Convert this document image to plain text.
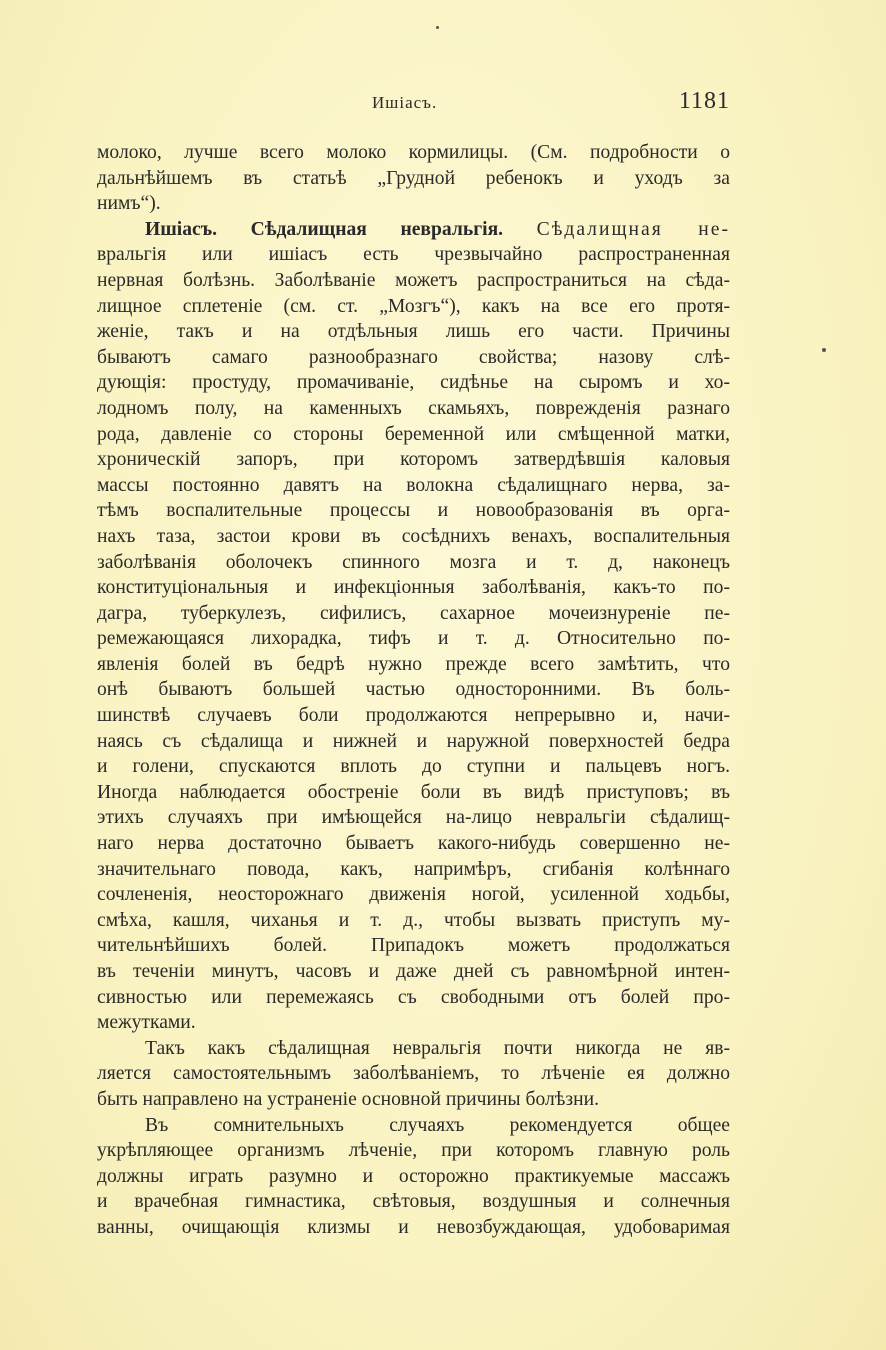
Ишіасъ.	1181
молоко, лучше всего молоко кормилицы. (См. подробности о
дальнѣйшемъ въ статьѣ „Грудной ребенокъ и уходъ за
нимъ“).
Ишіасъ. Сѣдалищная невральгія. Сѣдалищная не-
вральгія или ишіасъ есть чрезвычайно распространенная
нервная болѣзнь. Заболѣваніе можетъ распространиться на сѣда-
лищное сплетеніе (см. ст. „Мозгъ“), какъ на все его протя-
женіе, такъ и на отдѣльныя лишь его части. Причины
бываютъ самаго разнообразнаго свойства; назову слѣ-
дующія: простуду, промачиваніе, сидѣнье на сыромъ и хо-
лодномъ полу, на каменныхъ скамьяхъ, поврежденія разнаго
рода, давленіе со стороны беременной или смѣщенной матки,
хроническій запоръ, при которомъ затвердѣвшія каловыя
массы постоянно давятъ на волокна сѣдалищнаго нерва, за-
тѣмъ воспалительные процессы и новообразованія въ орга-
нахъ таза, застои крови въ сосѣднихъ венахъ, воспалительныя
заболѣванія оболочекъ спинного мозга и т. д, наконецъ
конституціональныя и инфекціонныя заболѣванія, какъ-то по-
дагра, туберкулезъ, сифилисъ, сахарное мочеизнуреніе пе-
ремежающаяся лихорадка, тифъ и т. д. Относительно по-
явленія болей въ бедрѣ нужно прежде всего замѣтить, что
онѣ бываютъ большей частью односторонними. Въ боль-
шинствѣ случаевъ боли продолжаются непрерывно и, начи-
наясь съ сѣдалища и нижней и наружной поверхностей бедра
и голени, спускаются вплоть до ступни и пальцевъ ногъ.
Иногда наблюдается обостреніе боли въ видѣ приступовъ; въ
этихъ случаяхъ при имѣющейся на-лицо невральгіи сѣдалищ-
наго нерва достаточно бываетъ какого-нибудь совершенно не-
значительнаго повода, какъ, напримѣръ, сгибанія колѣннаго
сочлененія, неосторожнаго движенія ногой, усиленной ходьбы,
смѣха, кашля, чиханья и т. д., чтобы вызвать приступъ му-
чительнѣйшихъ болей. Припадокъ можетъ продолжаться
въ теченіи минутъ, часовъ и даже дней съ равномѣрной интен-
сивностью или перемежаясь съ свободными отъ болей про-
межутками.
Такъ какъ сѣдалищная невральгія почти никогда не яв-
ляется самостоятельнымъ заболѣваніемъ, то лѣченіе ея должно
быть направлено на устраненіе основной причины болѣзни.
Въ сомнительныхъ случаяхъ рекомендуется общее
укрѣпляющее организмъ лѣченіе, при которомъ главную роль
должны играть разумно и осторожно практикуемые массажъ
и врачебная гимнастика, свѣтовыя, воздушныя и солнечныя
ванны, очищающія клизмы и невозбуждающая, удобоваримая
